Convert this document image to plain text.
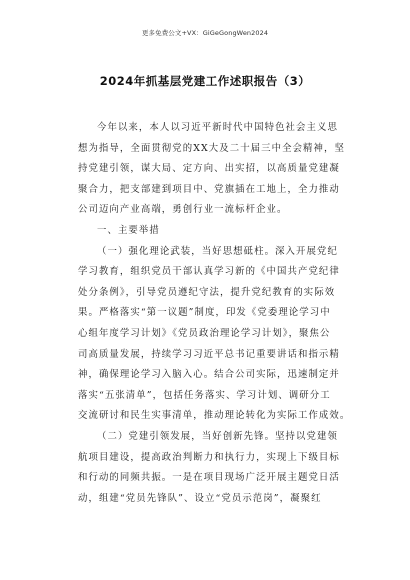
更多免费公文+VX：GiGeGongWen2024
2024年抓基层党建工作述职报告（3）
今年以来，本人以习近平新时代中国特色社会主义思
想为指导，全面贯彻党的XX大及二十届三中全会精神，坚
持党建引领，谋大局、定方向、出实招，以高质量党建凝
聚合力，把支部建到项目中、党旗插在工地上，全力推动
公司迈向产业高端，勇创行业一流标杆企业。
一、主要举措
（一）强化理论武装，当好思想砥柱。深入开展党纪
学习教育，组织党员干部认真学习新的《中国共产党纪律
处分条例》，引导党员遵纪守法，提升党纪教育的实际效
果。严格落实“第一议题”制度，印发《党委理论学习中
心组年度学习计划》《党员政治理论学习计划》，聚焦公
司高质量发展，持续学习习近平总书记重要讲话和指示精
神，确保理论学习入脑入心。结合公司实际，迅速制定并
落实“五张清单”，包括任务落实、学习计划、调研分工
交流研讨和民生实事清单，推动理论转化为实际工作成效。
（二）党建引领发展，当好创新先锋。坚持以党建领
航项目建设，提高政治判断力和执行力，实现上下级目标
和行动的同频共振。一是在项目现场广泛开展主题党日活
动，组建“党员先锋队”、设立“党员示范岗”，凝聚红
